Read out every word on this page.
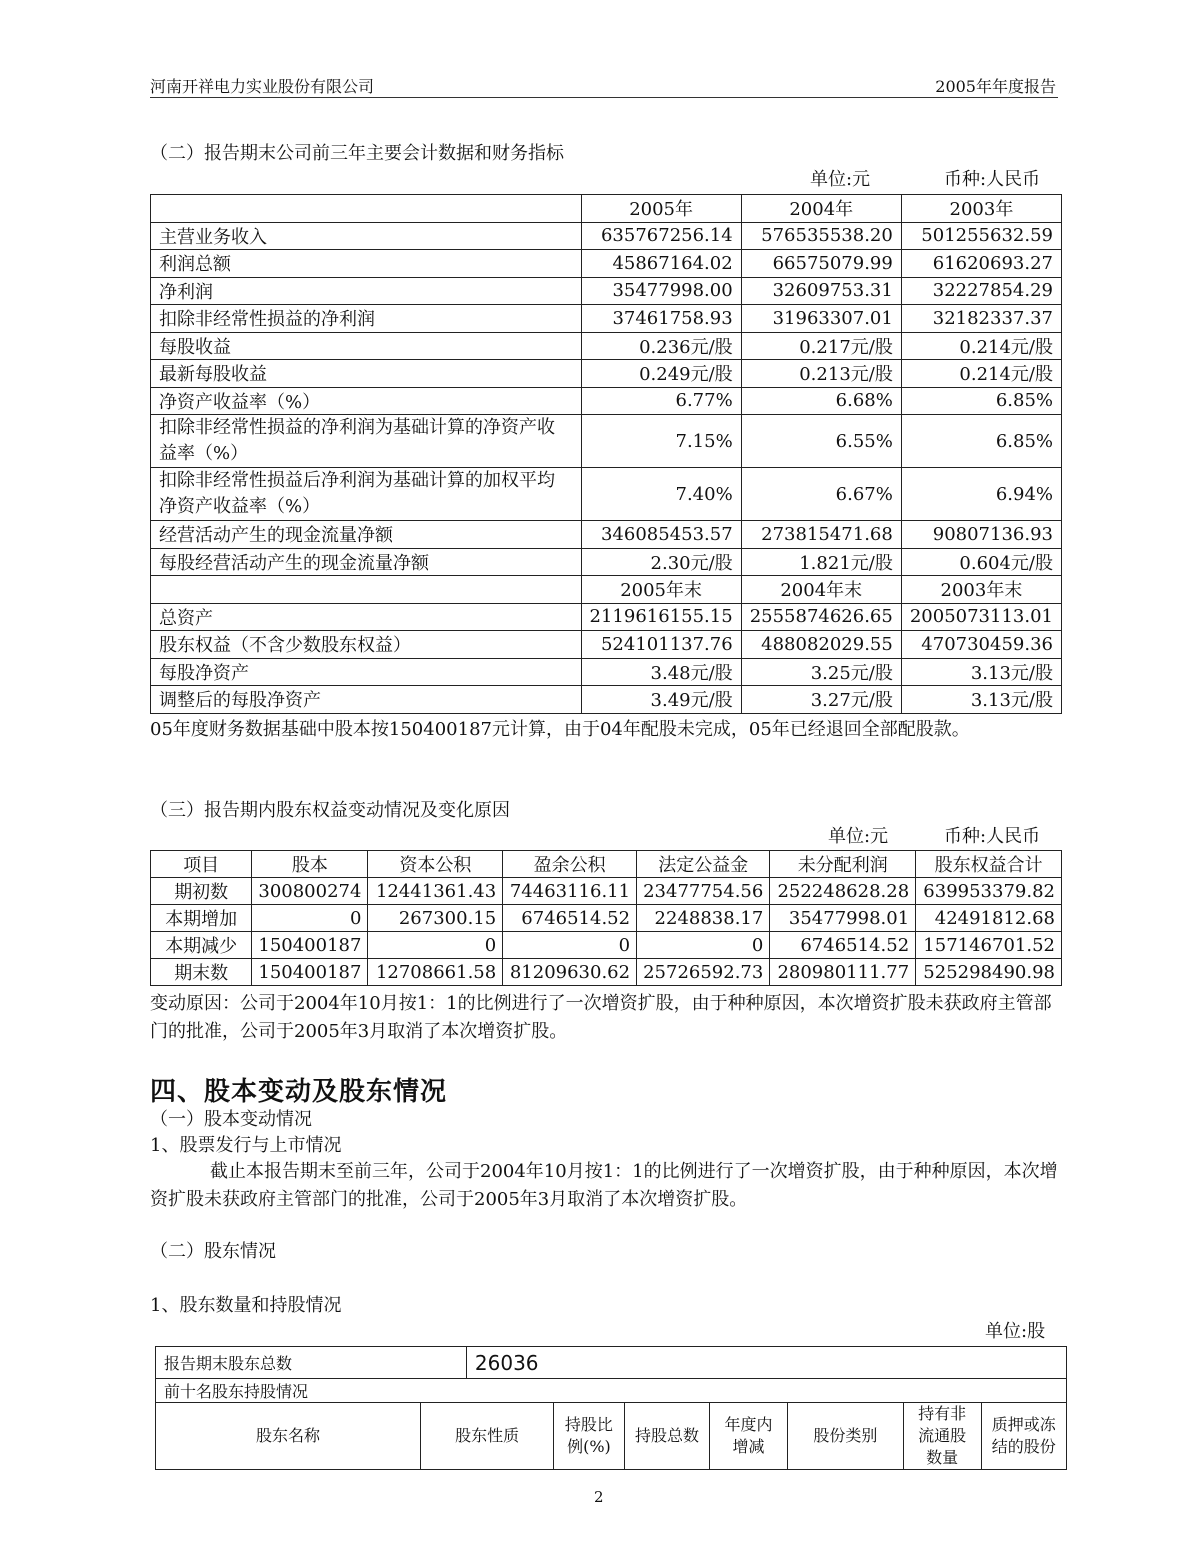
河南开祥电力实业股份有限公司	2005年年度报告
（二）报告期末公司前三年主要会计数据和财务指标
单位:元	币种:人民币
	2005年	2004年	2003年
主营业务收入	635767256.14	576535538.20	501255632.59
利润总额	45867164.02	66575079.99	61620693.27
净利润	35477998.00	32609753.31	32227854.29
扣除非经常性损益的净利润	37461758.93	31963307.01	32182337.37
每股收益	0.236元/股	0.217元/股	0.214元/股
最新每股收益	0.249元/股	0.213元/股	0.214元/股
净资产收益率（%）	6.77%	6.68%	6.85%
扣除非经常性损益的净利润为基础计算的净资产收益率（%）	7.15%	6.55%	6.85%
扣除非经常性损益后净利润为基础计算的加权平均净资产收益率（%）	7.40%	6.67%	6.94%
经营活动产生的现金流量净额	346085453.57	273815471.68	90807136.93
每股经营活动产生的现金流量净额	2.30元/股	1.821元/股	0.604元/股
	2005年末	2004年末	2003年末
总资产	2119616155.15	2555874626.65	2005073113.01
股东权益（不含少数股东权益）	524101137.76	488082029.55	470730459.36
每股净资产	3.48元/股	3.25元/股	3.13元/股
调整后的每股净资产	3.49元/股	3.27元/股	3.13元/股
05年度财务数据基础中股本按150400187元计算，由于04年配股未完成，05年已经退回全部配股款。
（三）报告期内股东权益变动情况及变化原因
单位:元	币种:人民币
项目	股本	资本公积	盈余公积	法定公益金	未分配利润	股东权益合计
期初数	300800274	12441361.43	74463116.11	23477754.56	252248628.28	639953379.82
本期增加	0	267300.15	6746514.52	2248838.17	35477998.01	42491812.68
本期减少	150400187	0	0	0	6746514.52	157146701.52
期末数	150400187	12708661.58	81209630.62	25726592.73	280980111.77	525298490.98
变动原因：公司于2004年10月按1：1的比例进行了一次增资扩股，由于种种原因，本次增资扩股未获政府主管部门的批准，公司于2005年3月取消了本次增资扩股。
四、股本变动及股东情况
（一）股本变动情况
1、股票发行与上市情况
截止本报告期末至前三年，公司于2004年10月按1：1的比例进行了一次增资扩股，由于种种原因，本次增资扩股未获政府主管部门的批准，公司于2005年3月取消了本次增资扩股。
（二）股东情况
1、股东数量和持股情况
单位:股
报告期末股东总数		26036						
前十名股东持股情况								
股东名称	股东性质		持股比例(%)	持股总数	年度内增减	股份类别	持有非流通股数量	质押或冻结的股份
2
